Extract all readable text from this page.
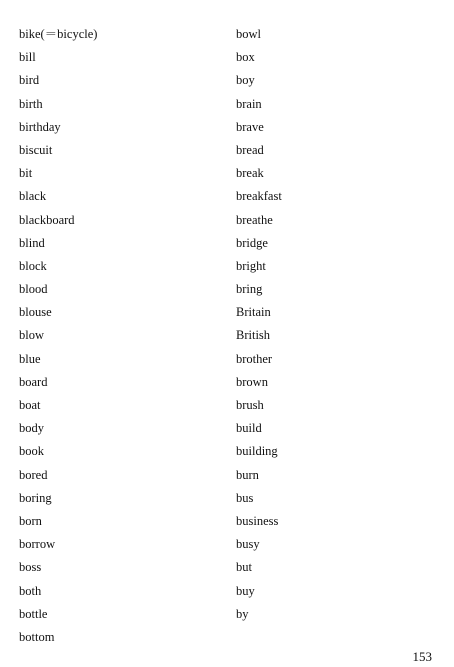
bike(＝bicycle)
bill
bird
birth
birthday
biscuit
bit
black
blackboard
blind
block
blood
blouse
blow
blue
board
boat
body
book
bored
boring
born
borrow
boss
both
bottle
bottom
bowl
box
boy
brain
brave
bread
break
breakfast
breathe
bridge
bright
bring
Britain
British
brother
brown
brush
build
building
burn
bus
business
busy
but
buy
by
153
